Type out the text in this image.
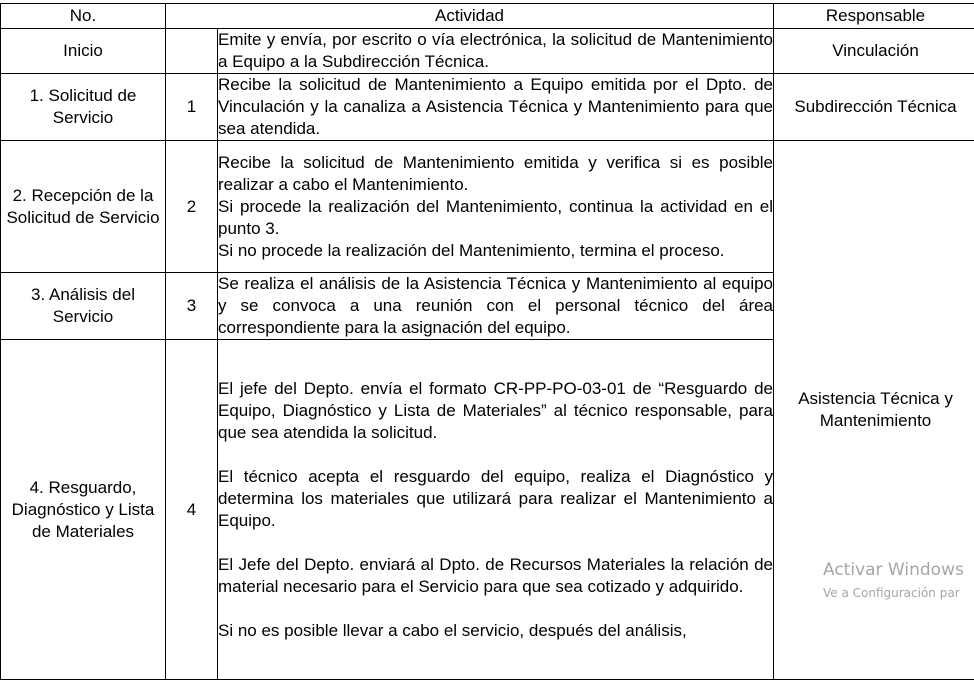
No.	Actividad		Responsable
Inicio		Emite y envía, por escrito o vía electrónica, la solicitud de Mantenimiento a Equipo a la Subdirección Técnica.	Vinculación
1. Solicitud de Servicio	1	Recibe la solicitud de Mantenimiento a Equipo emitida por el Dpto. de Vinculación y la canaliza a Asistencia Técnica y Mantenimiento para que sea atendida.	Subdirección Técnica
2. Recepción de la Solicitud de Servicio	2	Recibe la solicitud de Mantenimiento emitida y verifica si es posible realizar a cabo el Mantenimiento.

Si procede la realización del Mantenimiento, continua la actividad en el punto 3.

Si no procede la realización del Mantenimiento, termina el proceso.	Asistencia Técnica y Mantenimiento
3. Análisis del Servicio	3	Se realiza el análisis de la Asistencia Técnica y Mantenimiento al equipo y se convoca a una reunión con el personal técnico del área correspondiente para la asignación del equipo.	

4. Resguardo, Diagnóstico y Lista de Materiales	4	El jefe del Depto. envía el formato CR-PP-PO-03-01 de “Resguardo de Equipo, Diagnóstico y Lista de Materiales” al técnico responsable, para que sea atendida la solicitud.

El técnico acepta el resguardo del equipo, realiza el Diagnóstico y determina los materiales que utilizará para realizar el Mantenimiento a Equipo.

El Jefe del Depto. enviará al Dpto. de Recursos Materiales la relación de material necesario para el Servicio para que sea cotizado y adquirido.

Si no es posible llevar a cabo el servicio, después del análisis,	

Activar Windows
Ve a Configuración par
